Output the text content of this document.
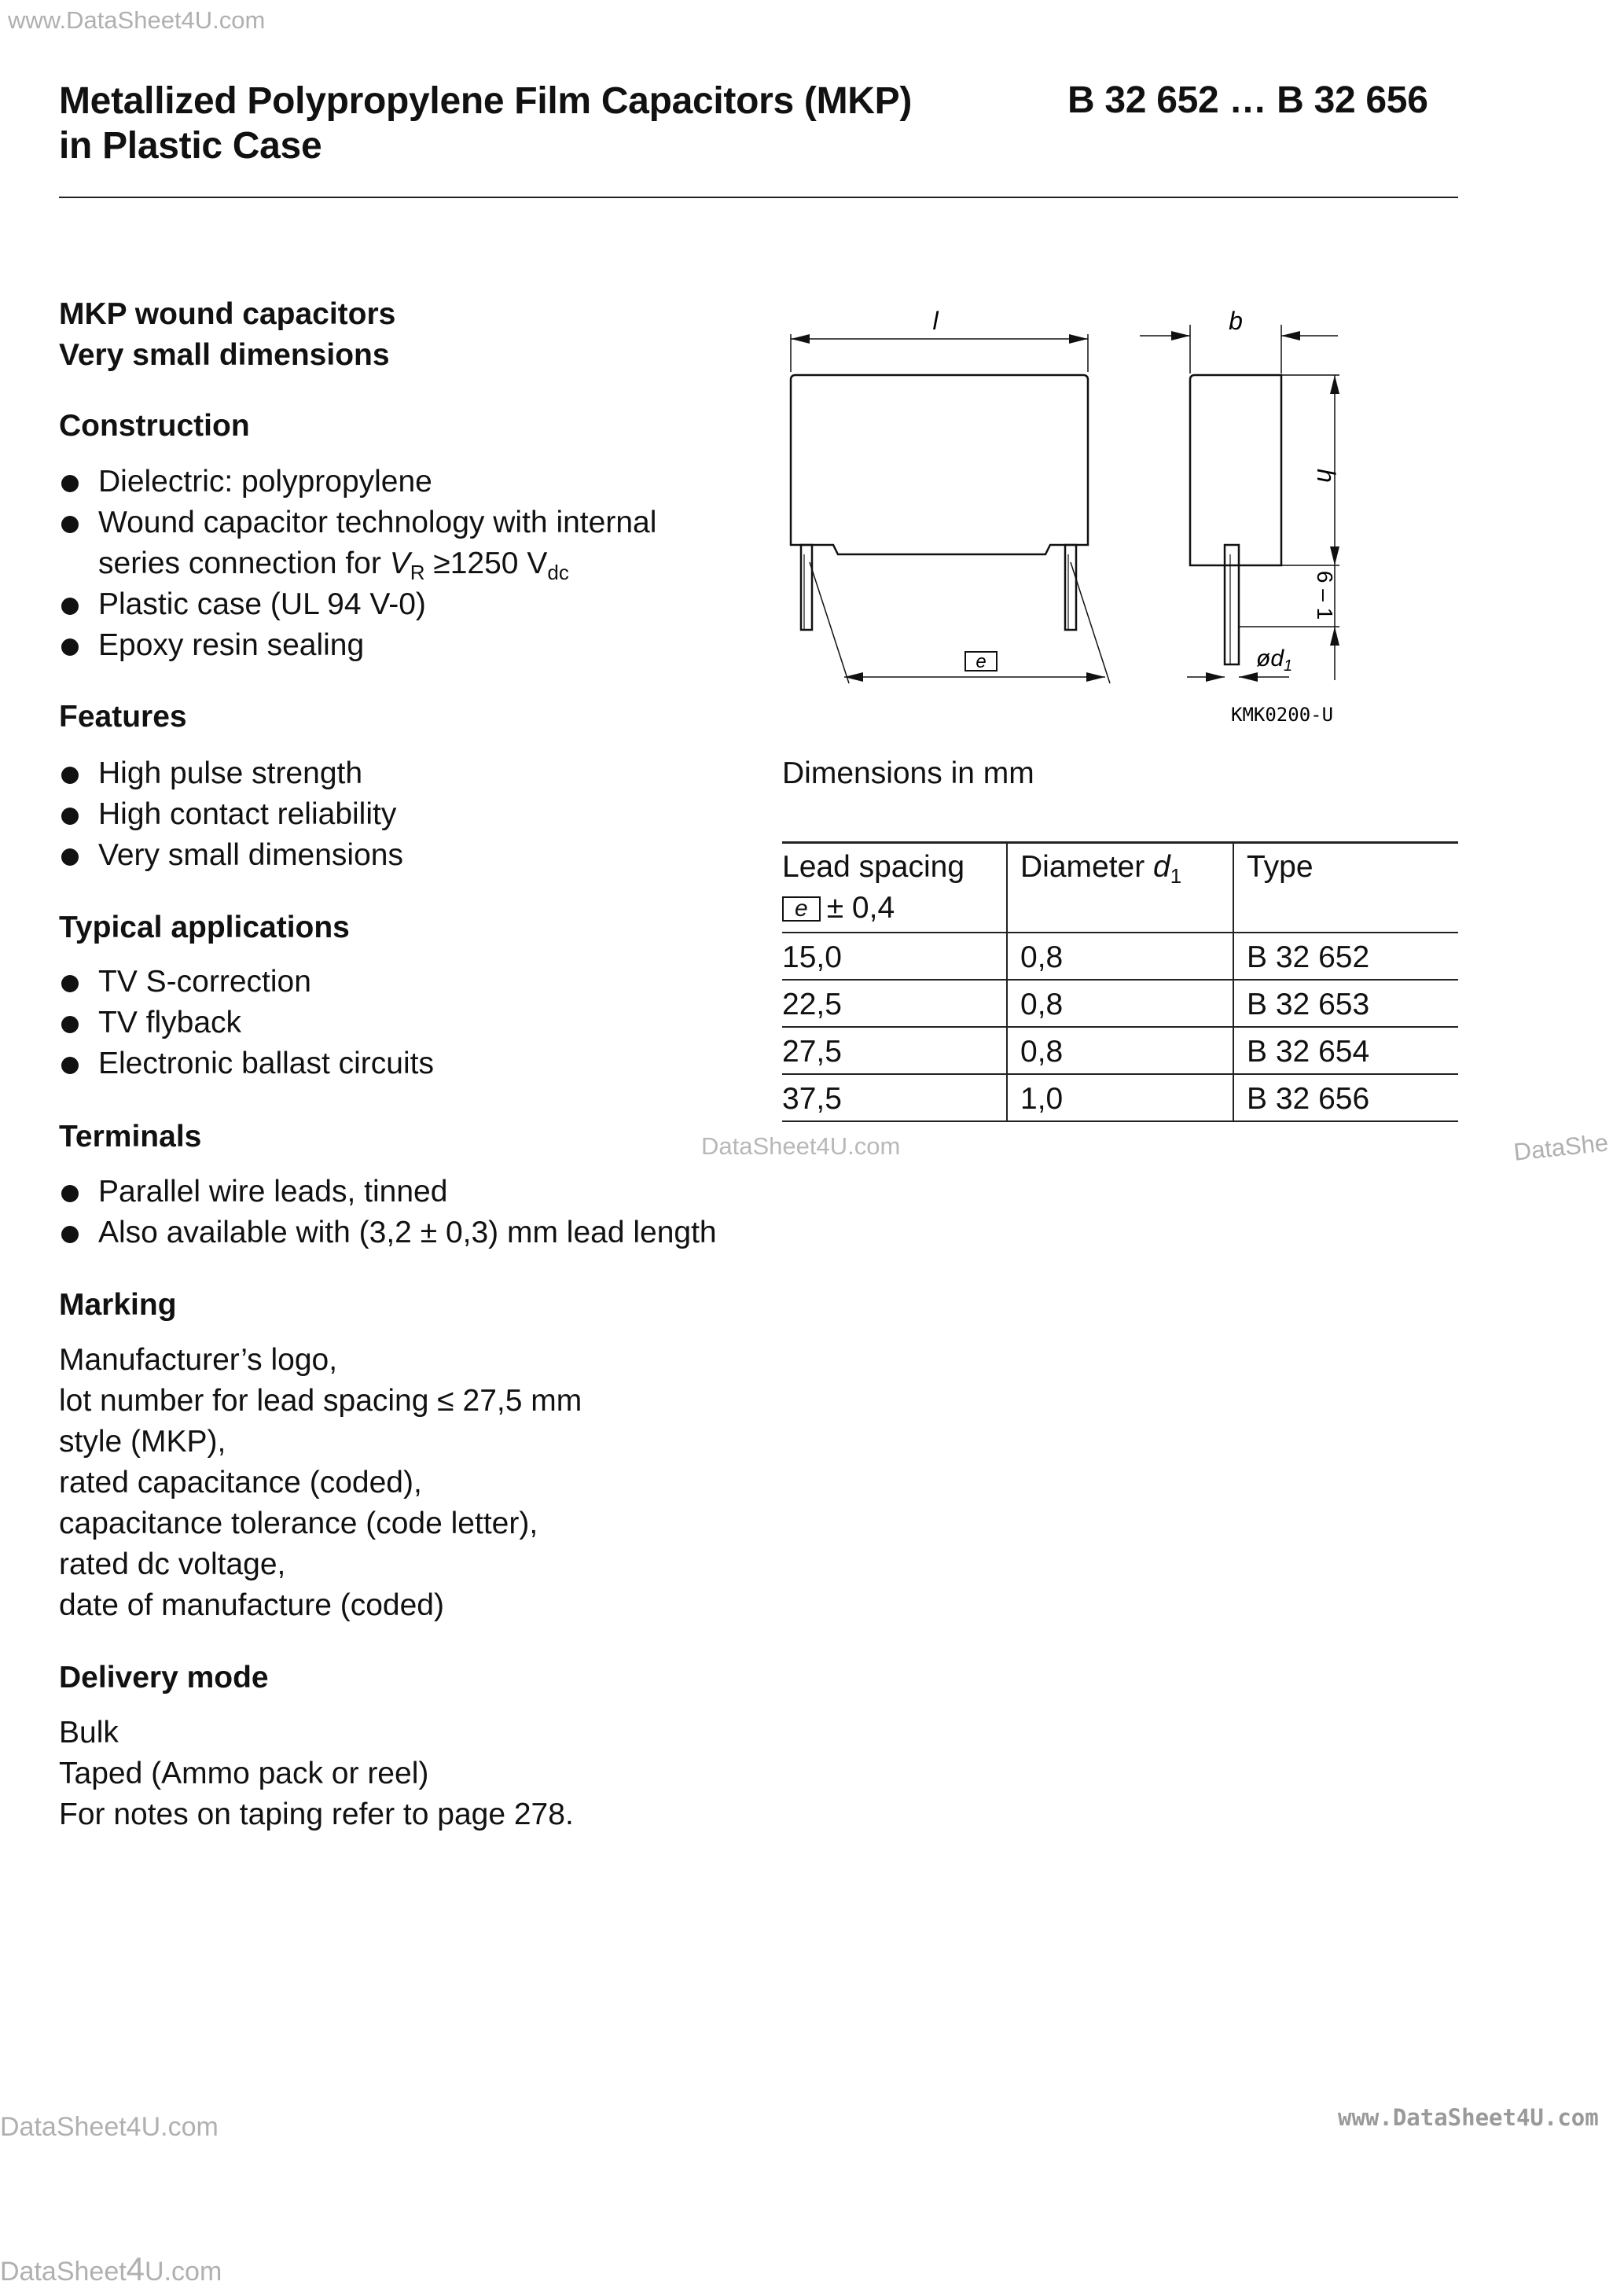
www.DataSheet4U.com
DataSheet4U.com	DataShe
DataSheet4U.com	www.DataSheet4U.com
DataSheet4U.com
Metallized Polypropylene Film Capacitors (MKP)
in Plastic Case
B 32 652 … B 32 656
MKP wound capacitors
Very small dimensions
Construction
Dielectric: polypropylene
Wound capacitor technology with internal
series connection for $V_R \ge 1250$ $V_{dc}$
Plastic case (UL 94 V-0)
Epoxy resin sealing
Features
High pulse strength
High contact reliability
Very small dimensions
Typical applications
TV S-correction
TV flyback
Electronic ballast circuits
Terminals
Parallel wire leads, tinned
Also available with (3,2 ± 0,3) mm lead length
Marking
Manufacturer’s logo,
lot number for lead spacing ≤ 27,5 mm
style (MKP),
rated capacitance (coded),
capacitance tolerance (code letter),
rated dc voltage,
date of manufacture (coded)
Delivery mode
Bulk
Taped (Ammo pack or reel)
For notes on taping refer to page 278.
l	b
h
6 – 1
e	$ød_1$
KMK0200-U
Dimensions in mm
Lead spacing
e ± 0,4	Diameter $d_1$	Type
15,0	0,8	B 32 652
22,5	0,8	B 32 653
27,5	0,8	B 32 654
37,5	1,0	B 32 656
